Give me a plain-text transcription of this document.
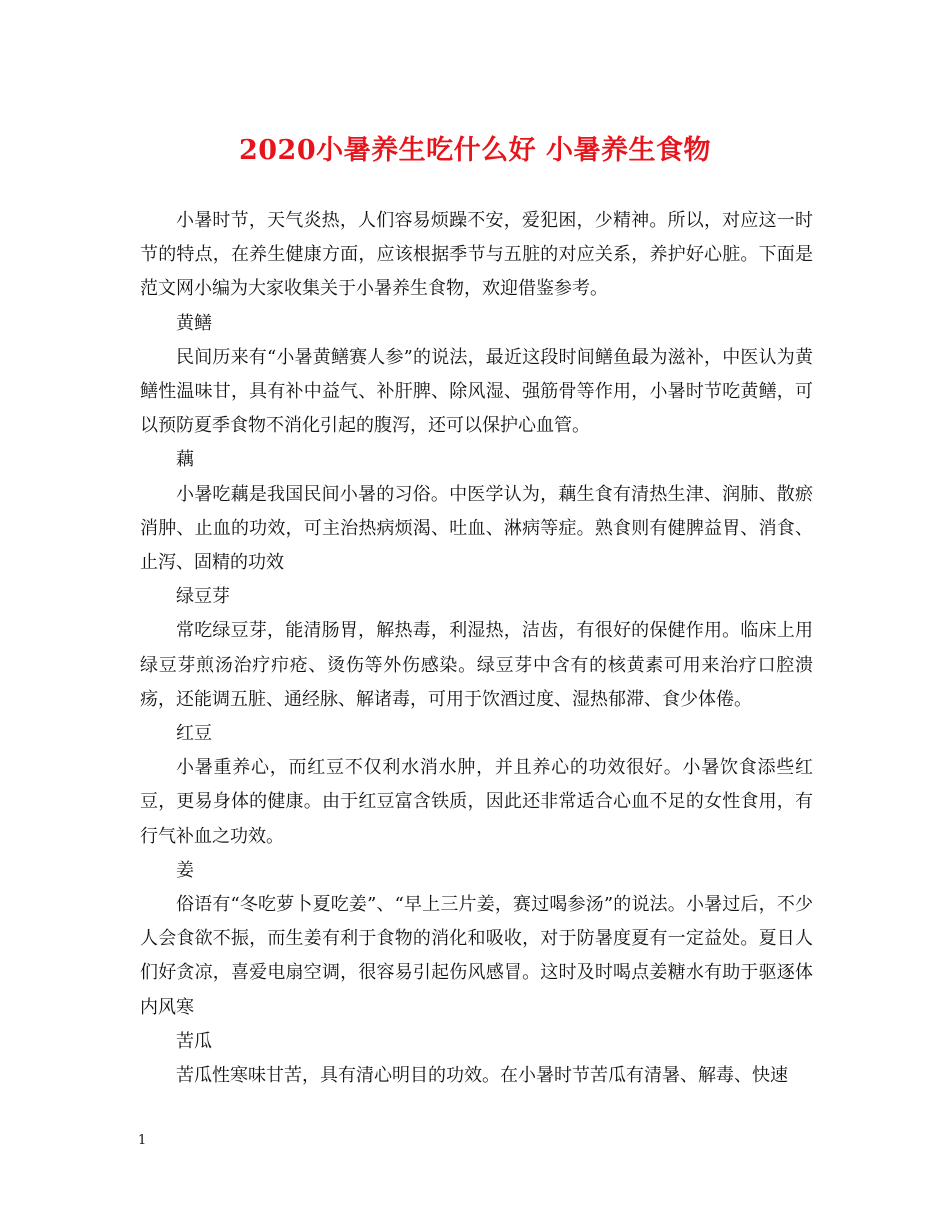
2020小暑养生吃什么好 小暑养生食物
小暑时节，天气炎热，人们容易烦躁不安，爱犯困，少精神。所以，对应这一时节的特点，在养生健康方面，应该根据季节与五脏的对应关系，养护好心脏。下面是范文网小编为大家收集关于小暑养生食物，欢迎借鉴参考。
黄鳝
民间历来有“小暑黄鳝赛人参”的说法，最近这段时间鳝鱼最为滋补，中医认为黄鳝性温味甘，具有补中益气、补肝脾、除风湿、强筋骨等作用，小暑时节吃黄鳝，可以预防夏季食物不消化引起的腹泻，还可以保护心血管。
藕
小暑吃藕是我国民间小暑的习俗。中医学认为，藕生食有清热生津、润肺、散瘀消肿、止血的功效，可主治热病烦渴、吐血、淋病等症。熟食则有健脾益胃、消食、止泻、固精的功效
绿豆芽
常吃绿豆芽，能清肠胃，解热毒，利湿热，洁齿，有很好的保健作用。临床上用绿豆芽煎汤治疗疖疮、烫伤等外伤感染。绿豆芽中含有的核黄素可用来治疗口腔溃疡，还能调五脏、通经脉、解诸毒，可用于饮酒过度、湿热郁滞、食少体倦。
红豆
小暑重养心，而红豆不仅利水消水肿，并且养心的功效很好。小暑饮食添些红豆，更易身体的健康。由于红豆富含铁质，因此还非常适合心血不足的女性食用，有行气补血之功效。
姜
俗语有“冬吃萝卜夏吃姜”、“早上三片姜，赛过喝参汤”的说法。小暑过后，不少人会食欲不振，而生姜有利于食物的消化和吸收，对于防暑度夏有一定益处。夏日人们好贪凉，喜爱电扇空调，很容易引起伤风感冒。这时及时喝点姜糖水有助于驱逐体内风寒
苦瓜
苦瓜性寒味甘苦，具有清心明目的功效。在小暑时节苦瓜有清暑、解毒、快速
1
